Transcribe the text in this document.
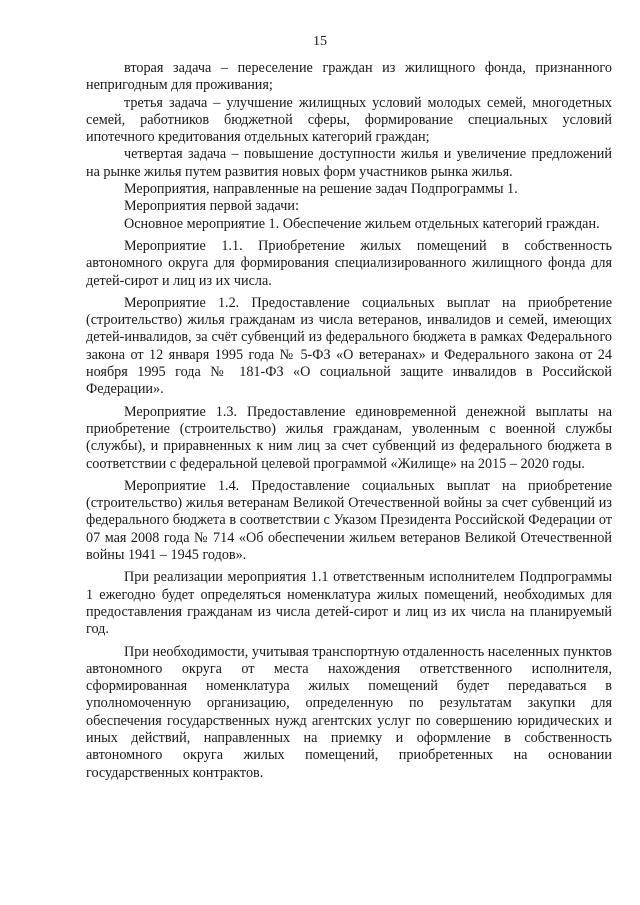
15

вторая задача – переселение граждан из жилищного фонда, признанного непригодным для проживания;

третья задача – улучшение жилищных условий молодых семей, многодетных семей, работников бюджетной сферы, формирование специальных условий ипотечного кредитования отдельных категорий граждан;

четвертая задача – повышение доступности жилья и увеличение предложений на рынке жилья путем развития новых форм участников рынка жилья.

Мероприятия, направленные на решение задач Подпрограммы 1.

Мероприятия первой задачи:

Основное мероприятие 1. Обеспечение жильем отдельных категорий граждан.

Мероприятие 1.1. Приобретение жилых помещений в собственность автономного округа для формирования специализированного жилищного фонда для детей-сирот и лиц из их числа.

Мероприятие 1.2. Предоставление социальных выплат на приобретение (строительство) жилья гражданам из числа ветеранов, инвалидов и семей, имеющих детей-инвалидов, за счёт субвенций из федерального бюджета в рамках Федерального закона от 12 января 1995 года № 5-ФЗ «О ветеранах» и Федерального закона от 24 ноября 1995 года № 181-ФЗ «О социальной защите инвалидов в Российской Федерации».

Мероприятие 1.3. Предоставление единовременной денежной выплаты на приобретение (строительство) жилья гражданам, уволенным с военной службы (службы), и приравненных к ним лиц за счет субвенций из федерального бюджета в соответствии с федеральной целевой программой «Жилище» на 2015 – 2020 годы.

Мероприятие 1.4. Предоставление социальных выплат на приобретение (строительство) жилья ветеранам Великой Отечественной войны за счет субвенций из федерального бюджета в соответствии с Указом Президента Российской Федерации от 07 мая 2008 года № 714 «Об обеспечении жильем ветеранов Великой Отечественной войны 1941 – 1945 годов».

При реализации мероприятия 1.1 ответственным исполнителем Подпрограммы 1 ежегодно будет определяться номенклатура жилых помещений, необходимых для предоставления гражданам из числа детей-сирот и лиц из их числа на планируемый год.

При необходимости, учитывая транспортную отдаленность населенных пунктов автономного округа от места нахождения ответственного исполнителя, сформированная номенклатура жилых помещений будет передаваться в уполномоченную организацию, определенную по результатам закупки для обеспечения государственных нужд агентских услуг по совершению юридических и иных действий, направленных на приемку и оформление в собственность автономного округа жилых помещений, приобретенных на основании государственных контрактов.
